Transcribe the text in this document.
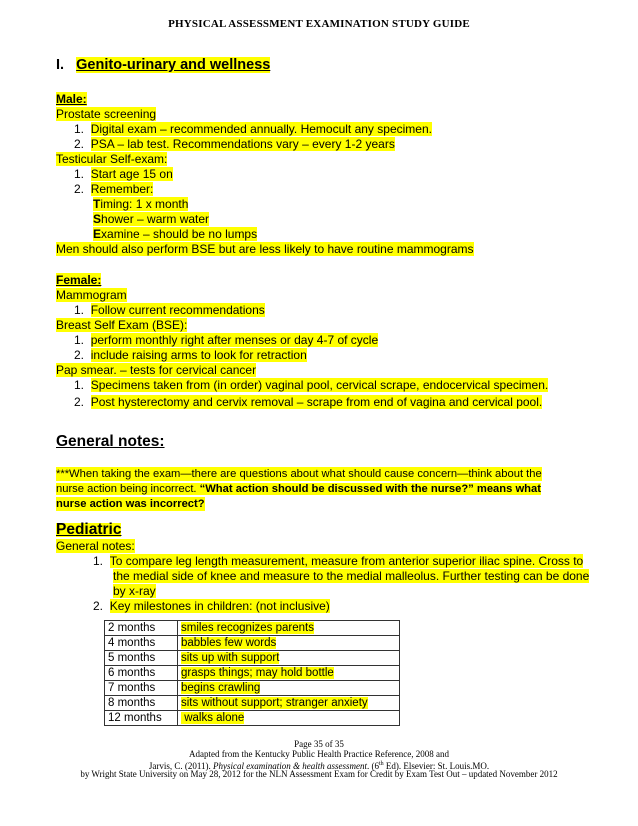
PHYSICAL ASSESSMENT EXAMINATION STUDY GUIDE
I. Genito-urinary and wellness
Male:
Prostate screening
1.  Digital exam – recommended annually. Hemocult any specimen.
2.  PSA – lab test. Recommendations vary – every 1-2 years
Testicular Self-exam:
1.  Start age 15 on
2.  Remember:
Timing: 1 x month
Shower – warm water
Examine – should be no lumps
Men should also perform BSE but are less likely to have routine mammograms
Female:
Mammogram
1.  Follow current recommendations
Breast Self Exam (BSE):
1.  perform monthly right after menses or day 4-7 of cycle
2.  include raising arms to look for retraction
Pap smear. – tests for cervical cancer
1.  Specimens taken from (in order) vaginal pool, cervical scrape, endocervical specimen.
2.  Post hysterectomy and cervix removal – scrape from end of vagina and cervical pool.
General notes:
***When taking the exam—there are questions about what should cause concern—think about the
nurse action being incorrect. “What action should be discussed with the nurse?” means what
nurse action was incorrect?
Pediatric
General notes:
1.  To compare leg length measurement, measure from anterior superior iliac spine. Cross to
the medial side of knee and measure to the medial malleolus. Further testing can be done
by x-ray
2.  Key milestones in children: (not inclusive)
2 months	smiles recognizes parents
4 months	babbles few words
5 months	sits up with support
6 months	grasps things; may hold bottle
7 months	begins crawling
8 months	sits without support; stranger anxiety
12 months	walks alone
Page 35 of 35
Adapted from the Kentucky Public Health Practice Reference, 2008 and
Jarvis, C. (2011). Physical examination & health assessment. (6th Ed). Elsevier: St. Louis.MO.
by Wright State University on May 28, 2012 for the NLN Assessment Exam for Credit by Exam Test Out – updated November 2012
